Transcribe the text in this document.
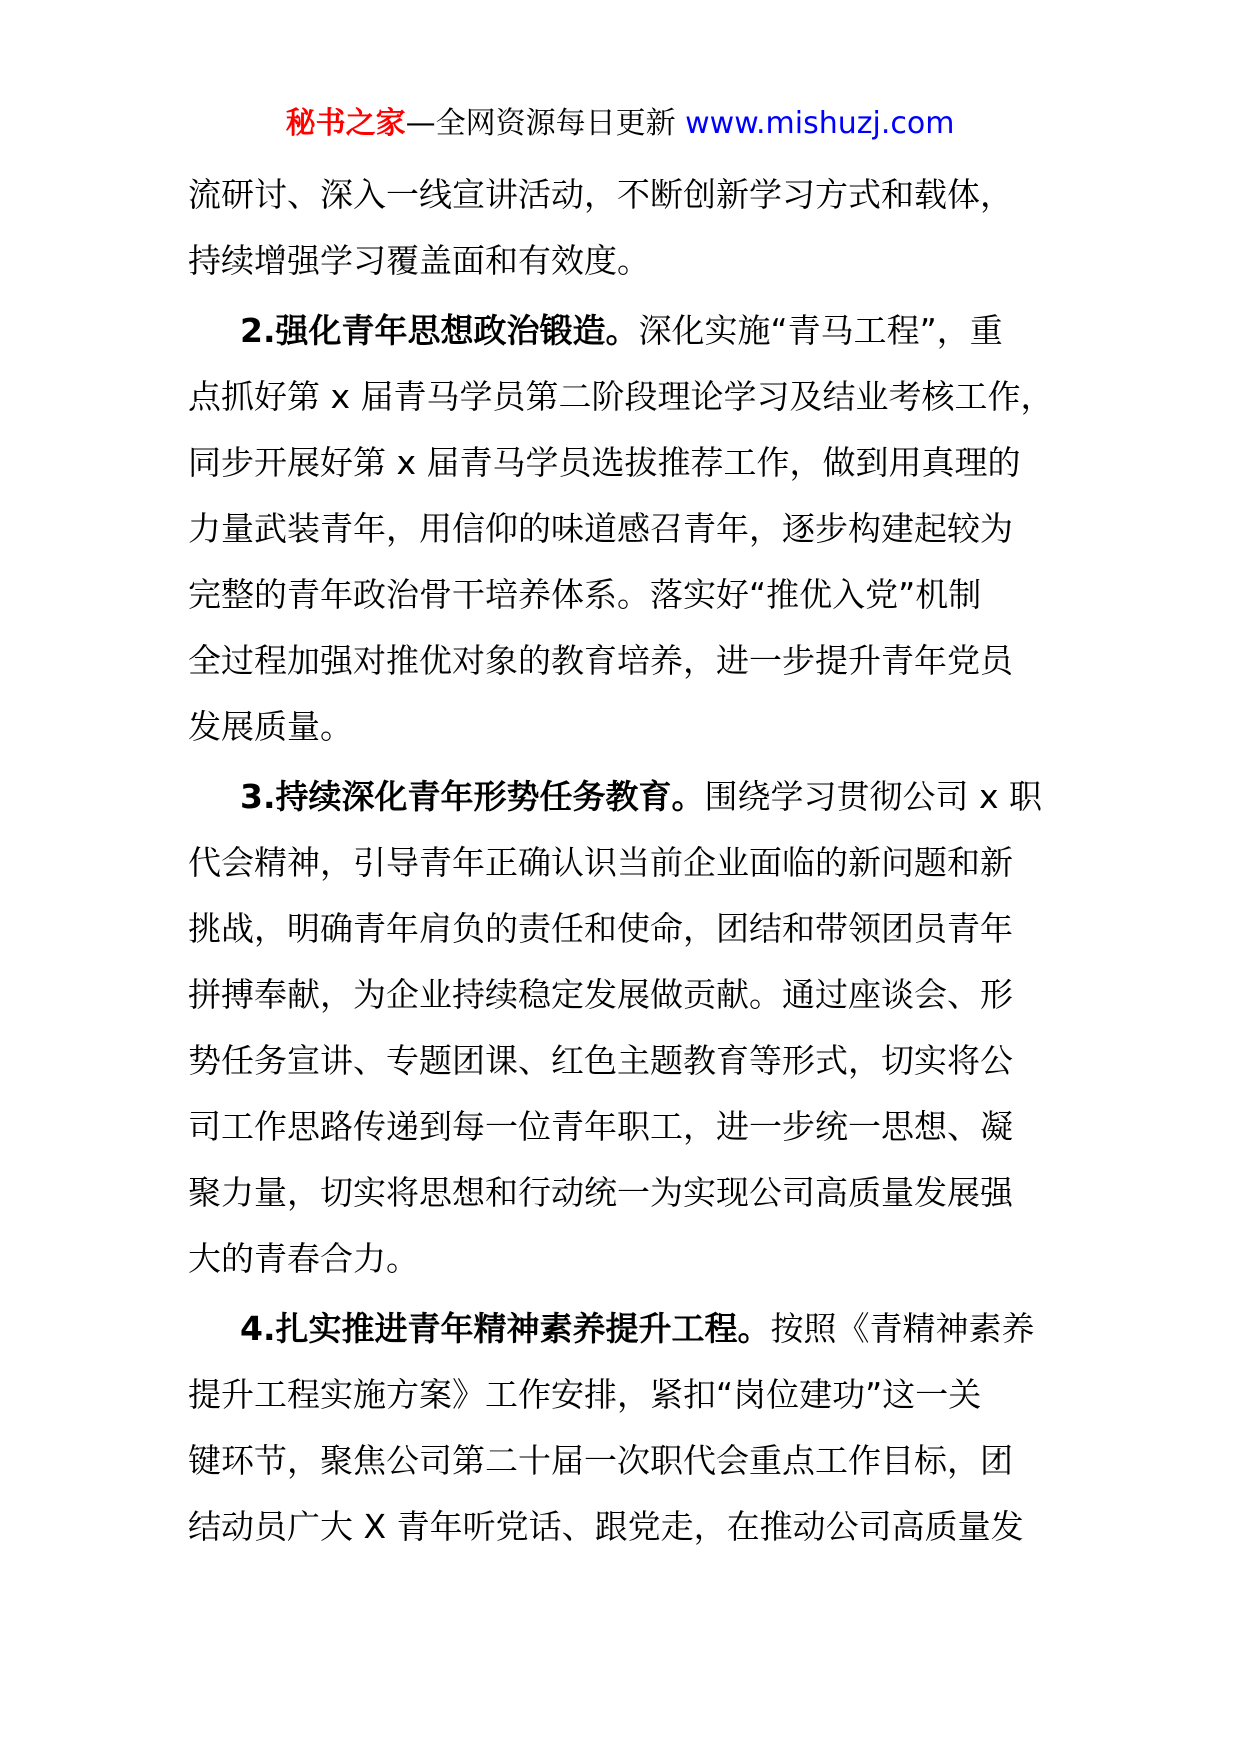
秘书之家—全网资源每日更新 www.mishuzj.com
流研讨、深入一线宣讲活动，不断创新学习方式和载体，
持续增强学习覆盖面和有效度。
2.强化青年思想政治锻造。深化实施“青马工程”，重
点抓好第 x 届青马学员第二阶段理论学习及结业考核工作，
同步开展好第 x 届青马学员选拔推荐工作，做到用真理的
力量武装青年，用信仰的味道感召青年，逐步构建起较为
完整的青年政治骨干培养体系。落实好“推优入党”机制
全过程加强对推优对象的教育培养，进一步提升青年党员
发展质量。
3.持续深化青年形势任务教育。围绕学习贯彻公司 x 职
代会精神，引导青年正确认识当前企业面临的新问题和新
挑战，明确青年肩负的责任和使命，团结和带领团员青年
拼搏奉献，为企业持续稳定发展做贡献。通过座谈会、形
势任务宣讲、专题团课、红色主题教育等形式，切实将公
司工作思路传递到每一位青年职工，进一步统一思想、凝
聚力量，切实将思想和行动统一为实现公司高质量发展强
大的青春合力。
4.扎实推进青年精神素养提升工程。按照《青精神素养
提升工程实施方案》工作安排，紧扣“岗位建功”这一关
键环节，聚焦公司第二十届一次职代会重点工作目标，团
结动员广大 X 青年听党话、跟党走，在推动公司高质量发
